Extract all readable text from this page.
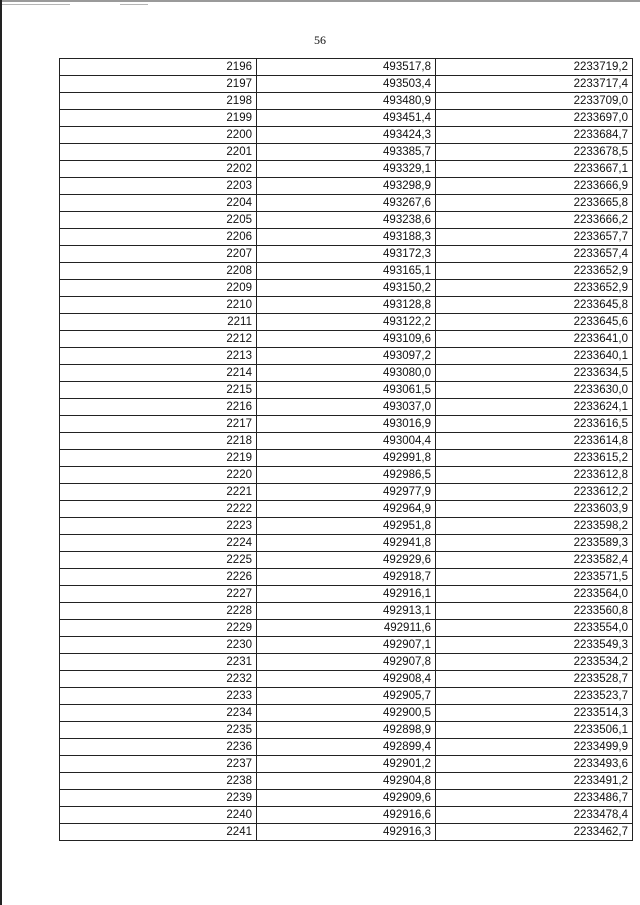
56
2196	493517,8	2233719,2
2197	493503,4	2233717,4
2198	493480,9	2233709,0
2199	493451,4	2233697,0
2200	493424,3	2233684,7
2201	493385,7	2233678,5
2202	493329,1	2233667,1
2203	493298,9	2233666,9
2204	493267,6	2233665,8
2205	493238,6	2233666,2
2206	493188,3	2233657,7
2207	493172,3	2233657,4
2208	493165,1	2233652,9
2209	493150,2	2233652,9
2210	493128,8	2233645,8
2211	493122,2	2233645,6
2212	493109,6	2233641,0
2213	493097,2	2233640,1
2214	493080,0	2233634,5
2215	493061,5	2233630,0
2216	493037,0	2233624,1
2217	493016,9	2233616,5
2218	493004,4	2233614,8
2219	492991,8	2233615,2
2220	492986,5	2233612,8
2221	492977,9	2233612,2
2222	492964,9	2233603,9
2223	492951,8	2233598,2
2224	492941,8	2233589,3
2225	492929,6	2233582,4
2226	492918,7	2233571,5
2227	492916,1	2233564,0
2228	492913,1	2233560,8
2229	492911,6	2233554,0
2230	492907,1	2233549,3
2231	492907,8	2233534,2
2232	492908,4	2233528,7
2233	492905,7	2233523,7
2234	492900,5	2233514,3
2235	492898,9	2233506,1
2236	492899,4	2233499,9
2237	492901,2	2233493,6
2238	492904,8	2233491,2
2239	492909,6	2233486,7
2240	492916,6	2233478,4
2241	492916,3	2233462,7
